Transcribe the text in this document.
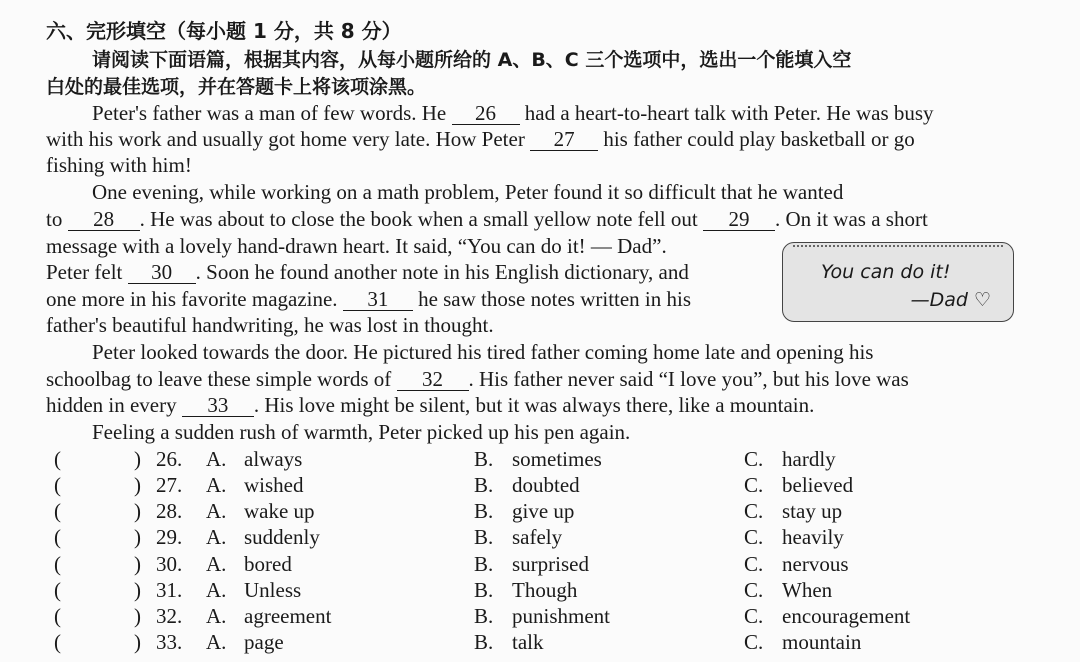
六、完形填空（每小题 1 分，共 8 分）
请阅读下面语篇，根据其内容，从每小题所给的 A、B、C 三个选项中，选出一个能填入空
白处的最佳选项，并在答题卡上将该项涂黑。
Peter's father was a man of few words. He 26 had a heart-to-heart talk with Peter. He was busy
with his work and usually got home very late. How Peter 27 his father could play basketball or go
fishing with him!
One evening, while working on a math problem, Peter found it so difficult that he wanted
to 28 . He was about to close the book when a small yellow note fell out 29 . On it was a short
message with a lovely hand-drawn heart. It said, “You can do it! — Dad”.
Peter felt 30 . Soon he found another note in his English dictionary, and
one more in his favorite magazine. 31 he saw those notes written in his
father's beautiful handwriting, he was lost in thought.
You can do it!
—Dad ♡
Peter looked towards the door. He pictured his tired father coming home late and opening his
schoolbag to leave these simple words of 32 . His father never said “I love you”, but his love was
hidden in every 33 . His love might be silent, but it was always there, like a mountain.
Feeling a sudden rush of warmth, Peter picked up his pen again.
(	) 26. A. always	B. sometimes	C. hardly
(	) 27. A. wished	B. doubted	C. believed
(	) 28. A. wake up	B. give up	C. stay up
(	) 29. A. suddenly	B. safely	C. heavily
(	) 30. A. bored	B. surprised	C. nervous
(	) 31. A. Unless	B. Though	C. When
(	) 32. A. agreement	B. punishment	C. encouragement
(	) 33. A. page	B. talk	C. mountain
